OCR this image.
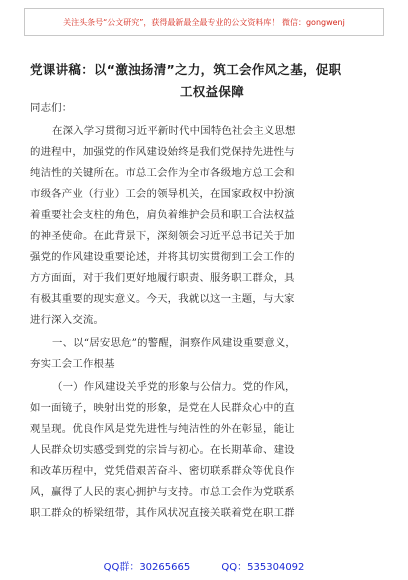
关注头条号“公文研究”，获得最新最全最专业的公文资料库！ 微信：gongwenj
党课讲稿：以“激浊扬清”之力，筑工会作风之基，促职
工权益保障
同志们：
在深入学习贯彻习近平新时代中国特色社会主义思想
的进程中，加强党的作风建设始终是我们党保持先进性与
纯洁性的关键所在。市总工会作为全市各级地方总工会和
市级各产业（行业）工会的领导机关，在国家政权中扮演
着重要社会支柱的角色，肩负着维护会员和职工合法权益
的神圣使命。在此背景下，深刻领会习近平总书记关于加
强党的作风建设重要论述，并将其切实贯彻到工会工作的
方方面面，对于我们更好地履行职责、服务职工群众，具
有极其重要的现实意义。今天，我就以这一主题，与大家
进行深入交流。
一、以“居安思危”的警醒，洞察作风建设重要意义，
夯实工会工作根基
（一）作风建设关乎党的形象与公信力。党的作风，
如一面镜子，映射出党的形象，是党在人民群众心中的直
观呈现。优良作风是党先进性与纯洁性的外在彰显，能让
人民群众切实感受到党的宗旨与初心。在长期革命、建设
和改革历程中，党凭借艰苦奋斗、密切联系群众等优良作
风，赢得了人民的衷心拥护与支持。市总工会作为党联系
职工群众的桥梁纽带，其作风状况直接关联着党在职工群
QQ群：30265665	QQ：535304092
